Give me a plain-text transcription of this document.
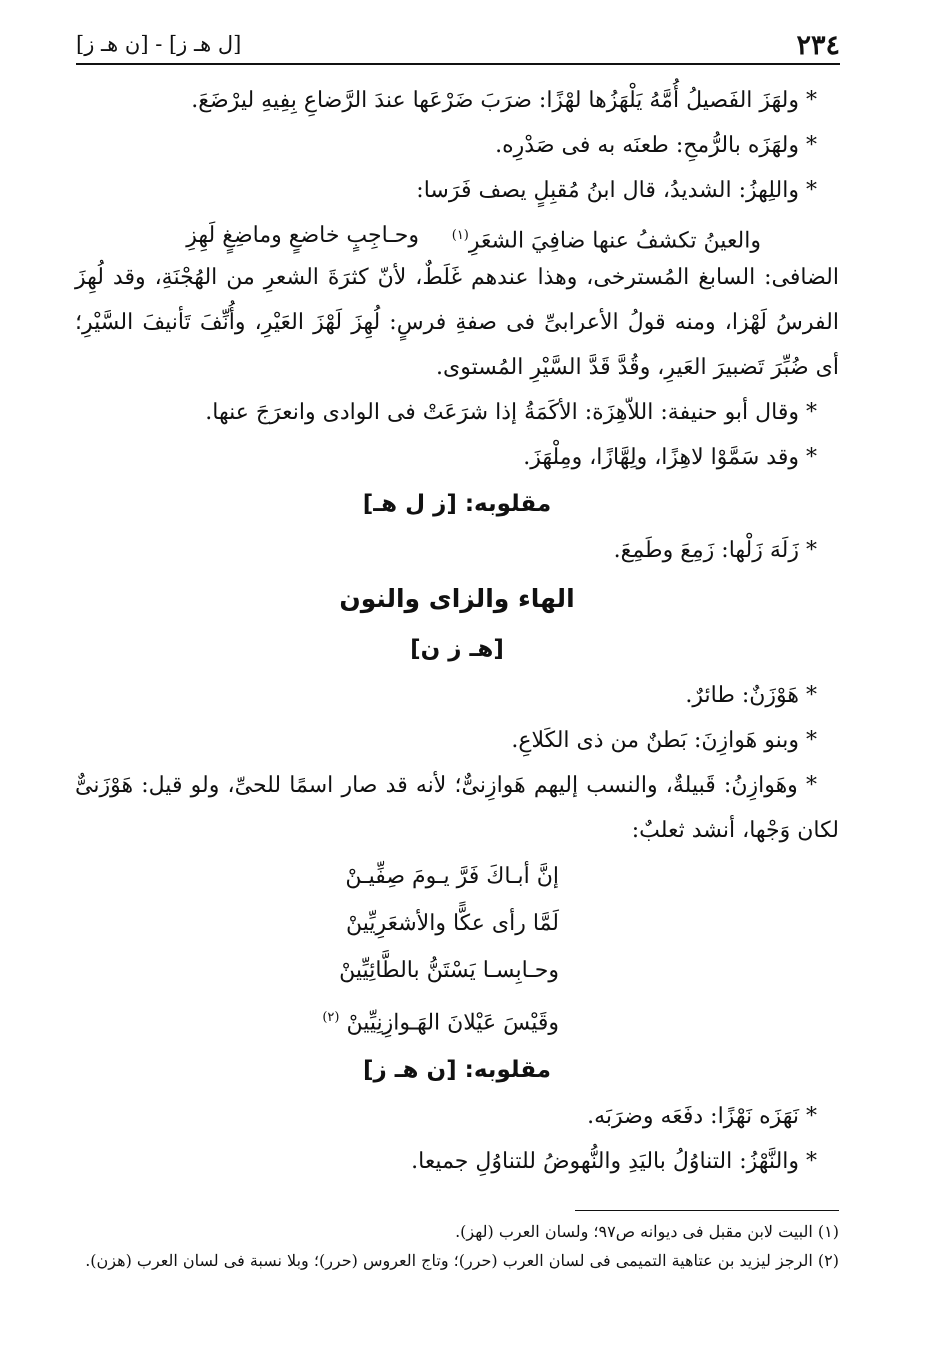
٢٣٤
[ل هـ ز] - [ن هـ ز]

* ولهَزَ الفَصيلُ أُمَّهُ يَلْهَزُها لهْزًا: ضرَبَ ضَرْعَها عندَ الرَّضاعِ بِفِيهِ ليرْضَعَ.

* ولهَزَه بالرُّمحِ: طعنَه به فى صَدْرِه.

* واللِهزُ: الشديدُ، قال ابنُ مُقبِلٍ يصف فَرَسا:

والعينُ تكشفُ عنها ضافِيَ الشعَرِ$^{(١)}$
وحـاجِبٍ خاضعٍ وماضِغٍ لَهِزِ

الضافى: السابغ المُسترخى، وهذا عندهم غَلَطٌ، لأنّ كثرَةَ الشعرِ من الهُجْنَةِ، وقد لُهِزَ الفرسُ لَهْزا، ومنه قولُ الأعرابىِّ فى صفةِ فرسٍ: لُهِزَ لَهْزَ العَيْرِ، وأُنِّفَ تَأنيفَ السَّيْرِ؛ أى ضُبِّرَ تَضبيرَ العَيرِ، وقُدَّ قَدَّ السَّيْرِ المُستوى.

* وقال أبو حنيفة: اللاّهِزَة: الأكَمَةُ إذا شرَعَتْ فى الوادى وانعرَجَ عنها.

* وقد سَمَّوْا لاهِزًا، ولِهَّازًا، ومِلْهَزَ.

مقلوبه: [ز ل هـ]

* زَلَهَ زَلْها: زَمِعَ وطَمِعَ.

الهاء والزاى والنون
[هـ ز ن]

* هَوْزَنٌ: طائرٌ.

* وبنو هَوازِنَ: بَطنٌ من ذى الكَلاعِ.

* وهَوازِنُ: قَبيلةٌ، والنسب إليهم هَوازِنىٌّ؛ لأنه قد صار اسمًا للحىِّ، ولو قيل: هَوْزَنىٌّ لكان وَجْها، أنشد ثعلبٌ:

إنَّ أبـاكَ فَرَّ يـومَ صِفِّيـنْ
لَمَّا رأى عكًّا والأشعَرِيِّينْ
وحـابِسـا يَسْتَنُّ بالطَّائِيِّينْ
وقَيْسَ عَيْلانَ الهَـوازِنِيِّينْ $^{(٢)}$
مقلوبه: [ن هـ ز]

* نَهَزَه نَهْزًا: دفَعَه وضرَبَه.

* والنَّهْزُ: التناوُلُ باليَدِ والنُّهوضُ للتناوُلِ جميعا.

(١) البيت لابن مقبل فى ديوانه ص٩٧؛ ولسان العرب (لهز).

(٢) الرجز ليزيد بن عتاهية التميمى فى لسان العرب (حرر)؛ وتاج العروس (حرر)؛ وبلا نسبة فى لسان العرب (هزن).
